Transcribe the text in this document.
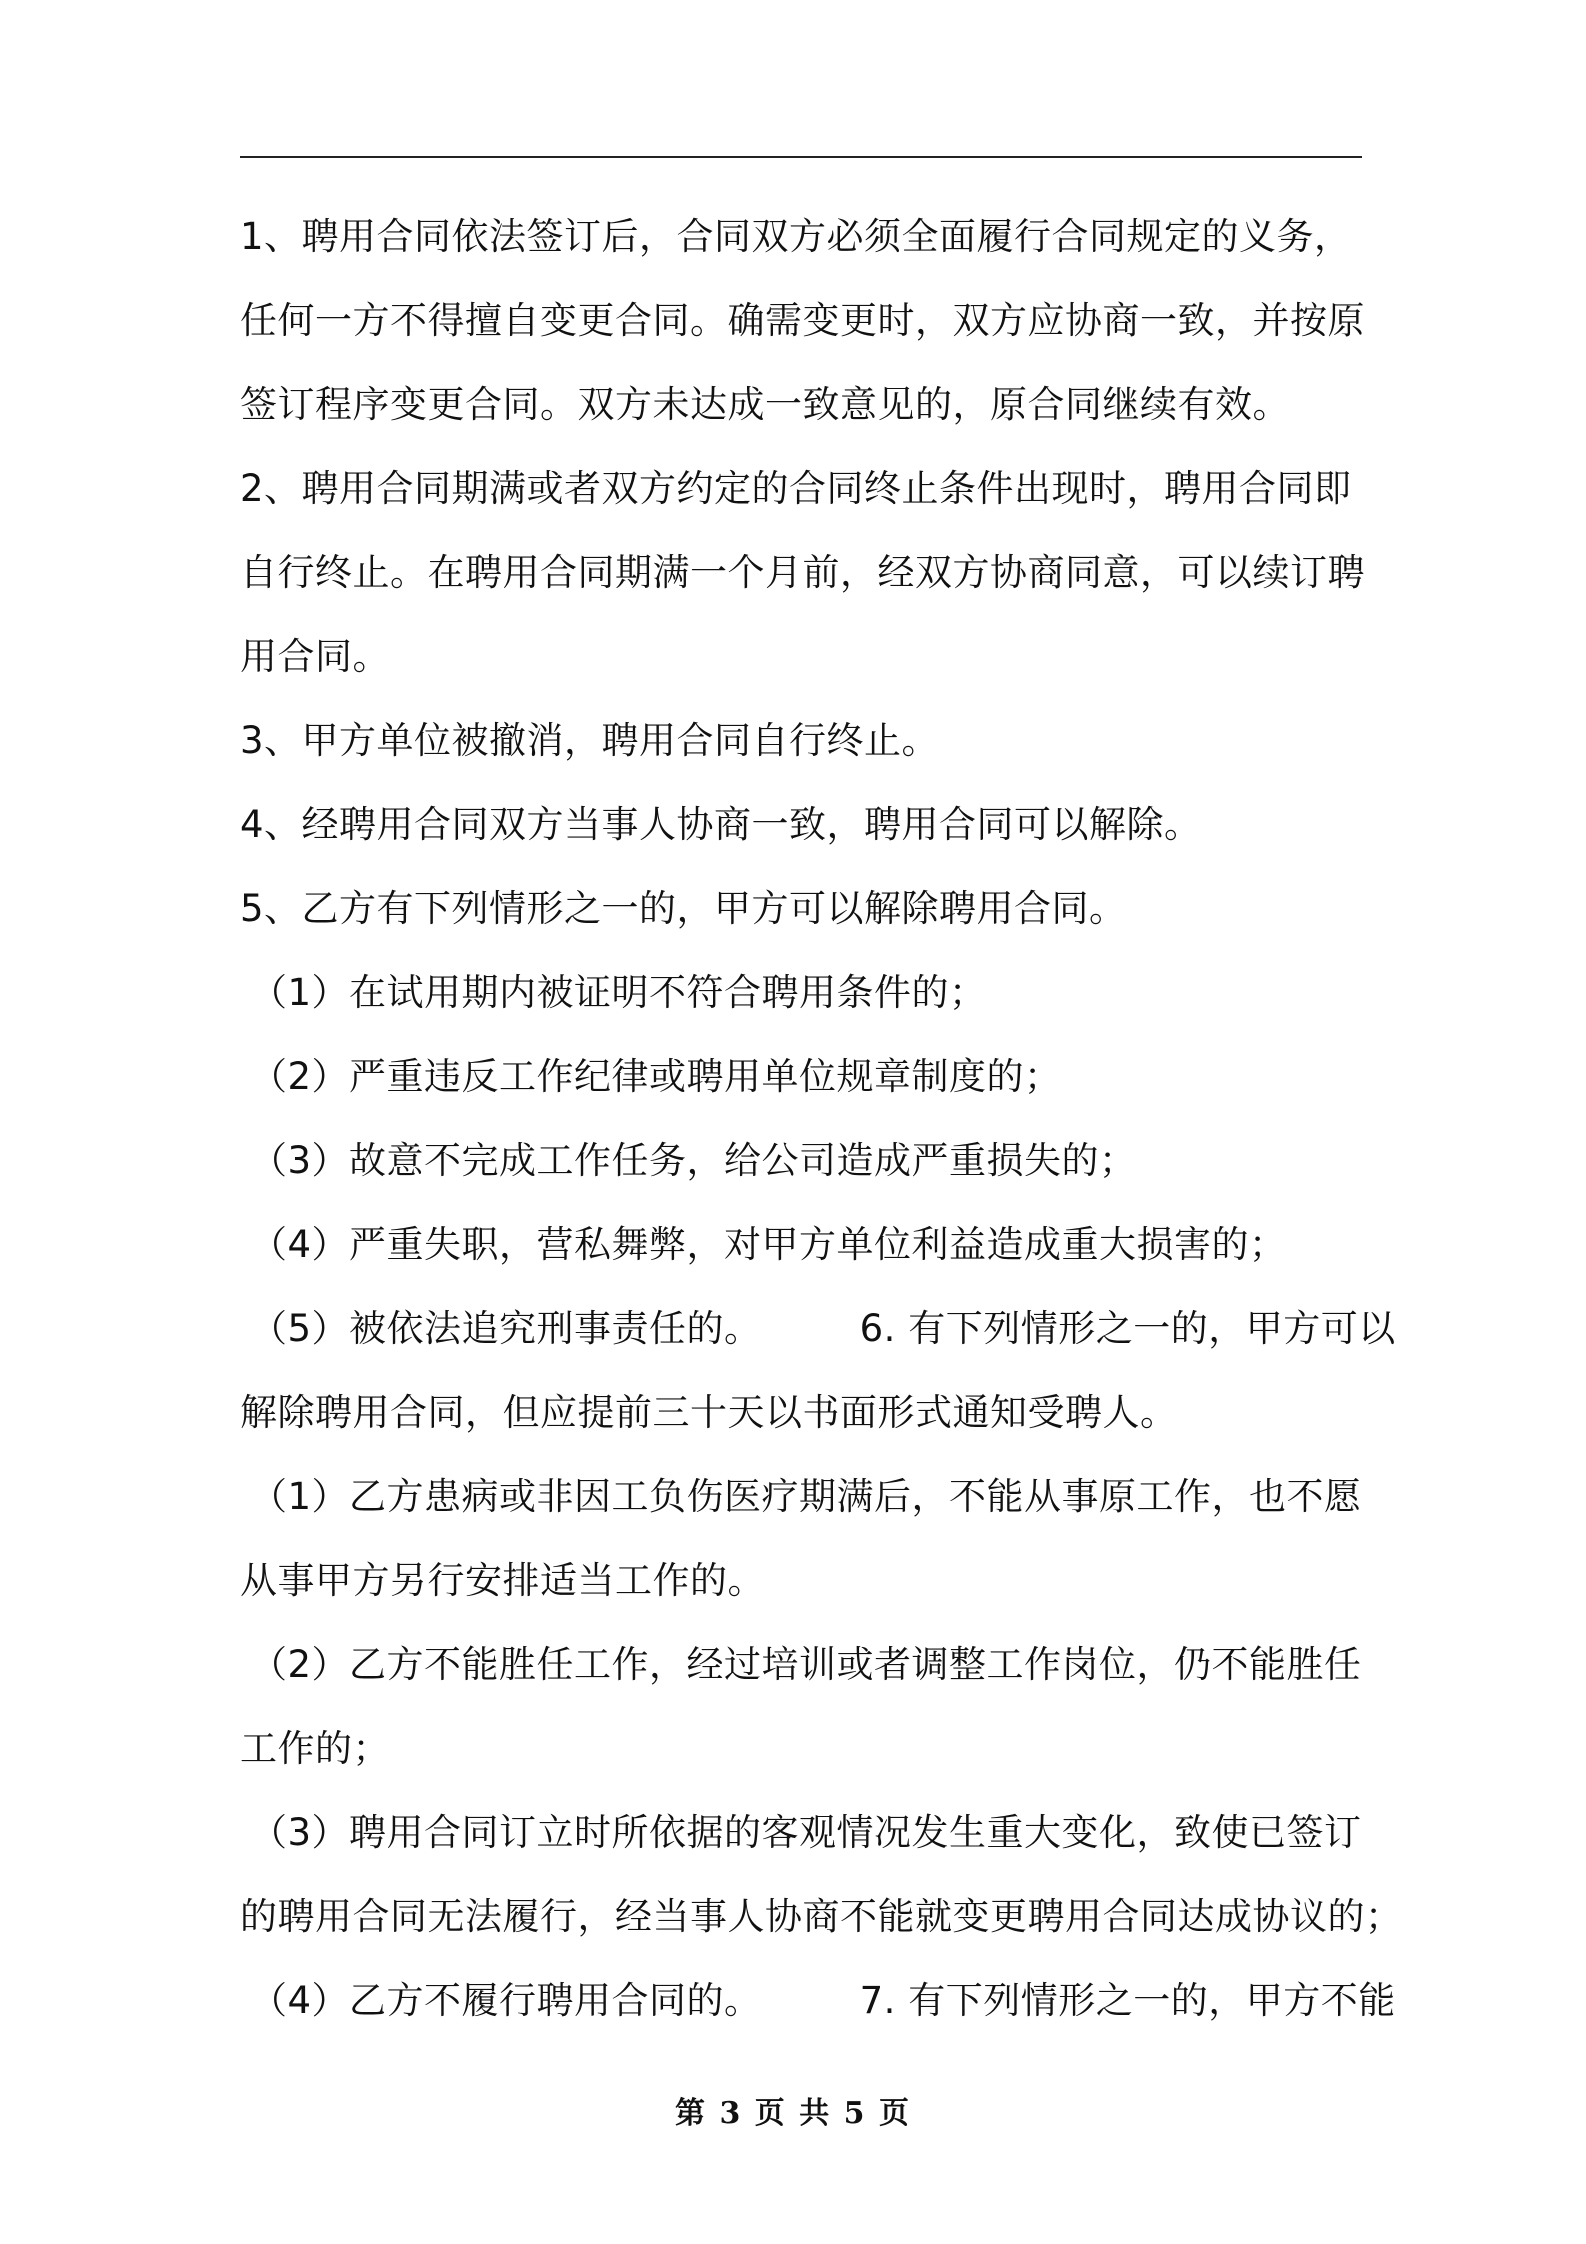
1、聘用合同依法签订后，合同双方必须全面履行合同规定的义务，
任何一方不得擅自变更合同。确需变更时，双方应协商一致，并按原
签订程序变更合同。双方未达成一致意见的，原合同继续有效。
2、聘用合同期满或者双方约定的合同终止条件出现时，聘用合同即
自行终止。在聘用合同期满一个月前，经双方协商同意，可以续订聘
用合同。
3、甲方单位被撤消，聘用合同自行终止。
4、经聘用合同双方当事人协商一致，聘用合同可以解除。
5、乙方有下列情形之一的，甲方可以解除聘用合同。
（1）在试用期内被证明不符合聘用条件的；
（2）严重违反工作纪律或聘用单位规章制度的；
（3）故意不完成工作任务，给公司造成严重损失的；
（4）严重失职，营私舞弊，对甲方单位利益造成重大损害的；
（5）被依法追究刑事责任的。        6. 有下列情形之一的，甲方可以
解除聘用合同，但应提前三十天以书面形式通知受聘人。
（1）乙方患病或非因工负伤医疗期满后，不能从事原工作，也不愿
从事甲方另行安排适当工作的。
（2）乙方不能胜任工作，经过培训或者调整工作岗位，仍不能胜任
工作的；
（3）聘用合同订立时所依据的客观情况发生重大变化，致使已签订
的聘用合同无法履行，经当事人协商不能就变更聘用合同达成协议的；
（4）乙方不履行聘用合同的。        7. 有下列情形之一的，甲方不能
第 3 页 共 5 页
